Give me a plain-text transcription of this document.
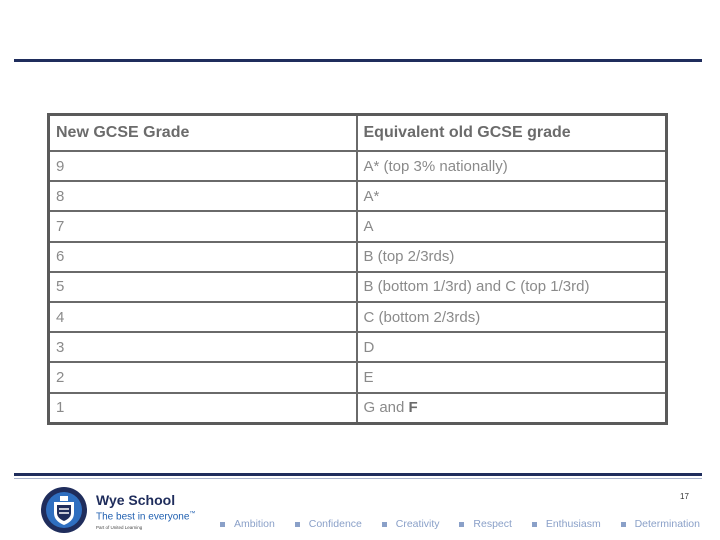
New GCSE Grade	Equivalent old GCSE grade
9	A* (top 3% nationally)
8	A*
7	A
6	B (top 2/3rds)
5	B (bottom 1/3rd) and C (top 1/3rd)
4	C (bottom 2/3rds)
3	D
2	E
1	G and F
Wye School
The best in everyone™
Part of United Learning	Ambition	Confidence	Creativity	Respect	Enthusiasm	Determination
17
